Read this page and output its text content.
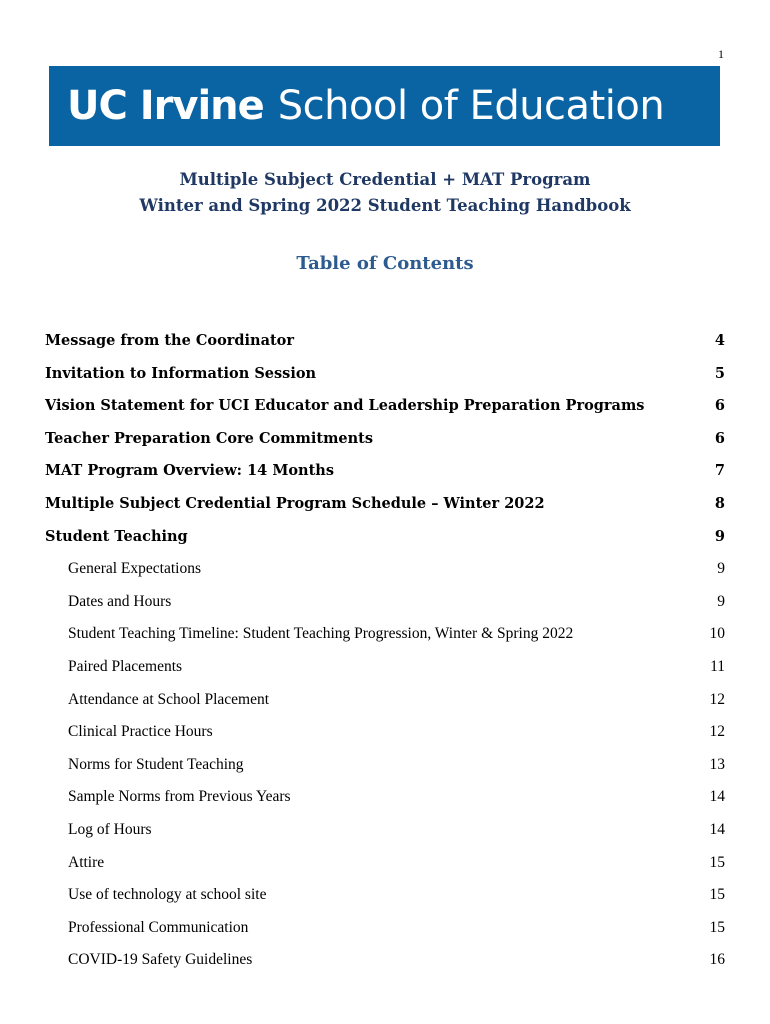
1
UC Irvine School of Education
Multiple Subject Credential + MAT Program
Winter and Spring 2022 Student Teaching Handbook
Table of Contents
Message from the Coordinator	4
Invitation to Information Session	5
Vision Statement for UCI Educator and Leadership Preparation Programs	6
Teacher Preparation Core Commitments	6
MAT Program Overview: 14 Months	7
Multiple Subject Credential Program Schedule – Winter 2022	8
Student Teaching	9
General Expectations	9
Dates and Hours	9
Student Teaching Timeline: Student Teaching Progression, Winter & Spring 2022	10
Paired Placements	11
Attendance at School Placement	12
Clinical Practice Hours	12
Norms for Student Teaching	13
Sample Norms from Previous Years	14
Log of Hours	14
Attire	15
Use of technology at school site	15
Professional Communication	15
COVID-19 Safety Guidelines	16
